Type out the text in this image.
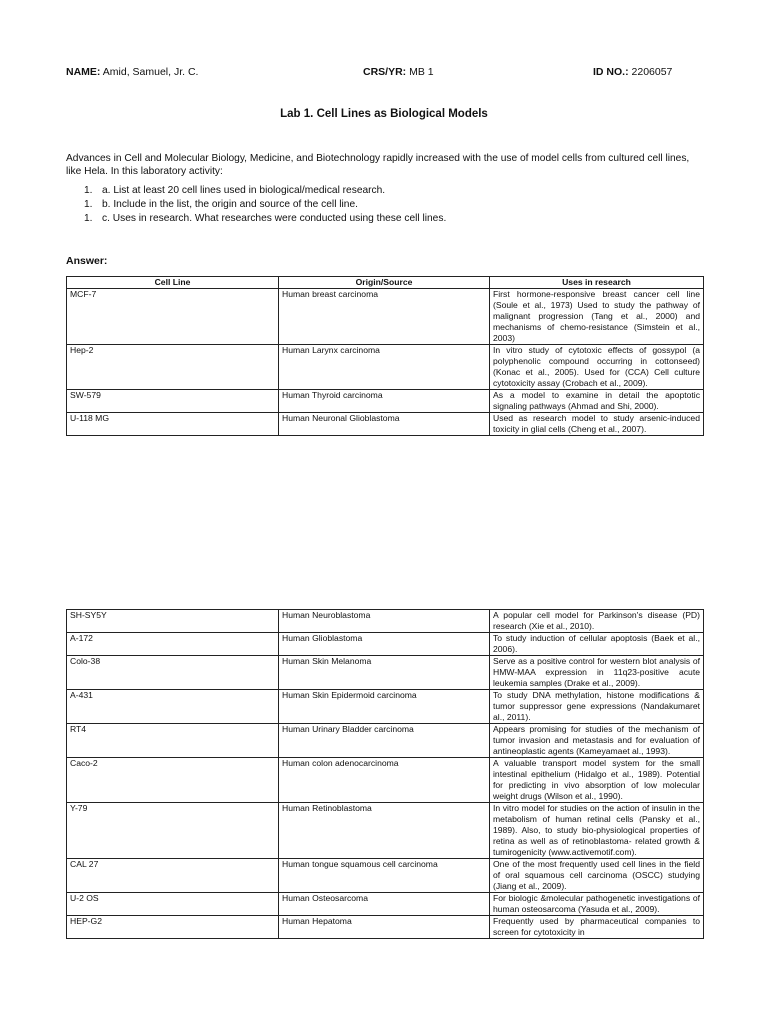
NAME: Amid, Samuel, Jr. C.	CRS/YR: MB 1	ID NO.: 2206057
Lab 1. Cell Lines as Biological Models
Advances in Cell and Molecular Biology, Medicine, and Biotechnology rapidly increased with the use of model cells from cultured cell lines, like Hela. In this laboratory activity:
1. a. List at least 20 cell lines used in biological/medical research.
1. b. Include in the list, the origin and source of the cell line.
1. c. Uses in research. What researches were conducted using these cell lines.
Answer:
Cell Line	Origin/Source	Uses in research
MCF-7	Human breast carcinoma	First hormone-responsive breast cancer cell line (Soule et al., 1973) Used to study the pathway of malignant progression (Tang et al., 2000) and mechanisms of chemo-resistance (Simstein et al., 2003)
Hep-2	Human Larynx carcinoma	In vitro study of cytotoxic effects of gossypol (a polyphenolic compound occurring in cottonseed) (Konac et al., 2005). Used for (CCA) Cell culture cytotoxicity assay (Crobach et al., 2009).
SW-579	Human Thyroid carcinoma	As a model to examine in detail the apoptotic signaling pathways (Ahmad and Shi, 2000).
U-118 MG	Human Neuronal Glioblastoma	Used as research model to study arsenic-induced toxicity in glial cells (Cheng et al., 2007).
SH-SY5Y	Human Neuroblastoma	A popular cell model for Parkinson's disease (PD) research (Xie et al., 2010).
A-172	Human Glioblastoma	To study induction of cellular apoptosis (Baek et al., 2006).
Colo-38	Human Skin Melanoma	Serve as a positive control for western blot analysis of HMW-MAA expression in 11q23-positive acute leukemia samples (Drake et al., 2009).
A-431	Human Skin Epidermoid carcinoma	To study DNA methylation, histone modifications & tumor suppressor gene expressions (Nandakumaret al., 2011).
RT4	Human Urinary Bladder carcinoma	Appears promising for studies of the mechanism of tumor invasion and metastasis and for evaluation of antineoplastic agents (Kameyamaet al., 1993).
Caco-2	Human colon adenocarcinoma	A valuable transport model system for the small intestinal epithelium (Hidalgo et al., 1989). Potential for predicting in vivo absorption of low molecular weight drugs (Wilson et al., 1990).
Y-79	Human Retinoblastoma	In vitro model for studies on the action of insulin in the metabolism of human retinal cells (Pansky et al., 1989). Also, to study bio-physiological properties of retina as well as of retinoblastoma- related growth & tumirogenicity (www.activemotif.com).
CAL 27	Human tongue squamous cell carcinoma	One of the most frequently used cell lines in the field of oral squamous cell carcinoma (OSCC) studying (Jiang et al., 2009).
U-2 OS	Human Osteosarcoma	For biologic &molecular pathogenetic investigations of human osteosarcoma (Yasuda et al., 2009).
HEP-G2	Human Hepatoma	Frequently used by pharmaceutical companies to screen for cytotoxicity in
